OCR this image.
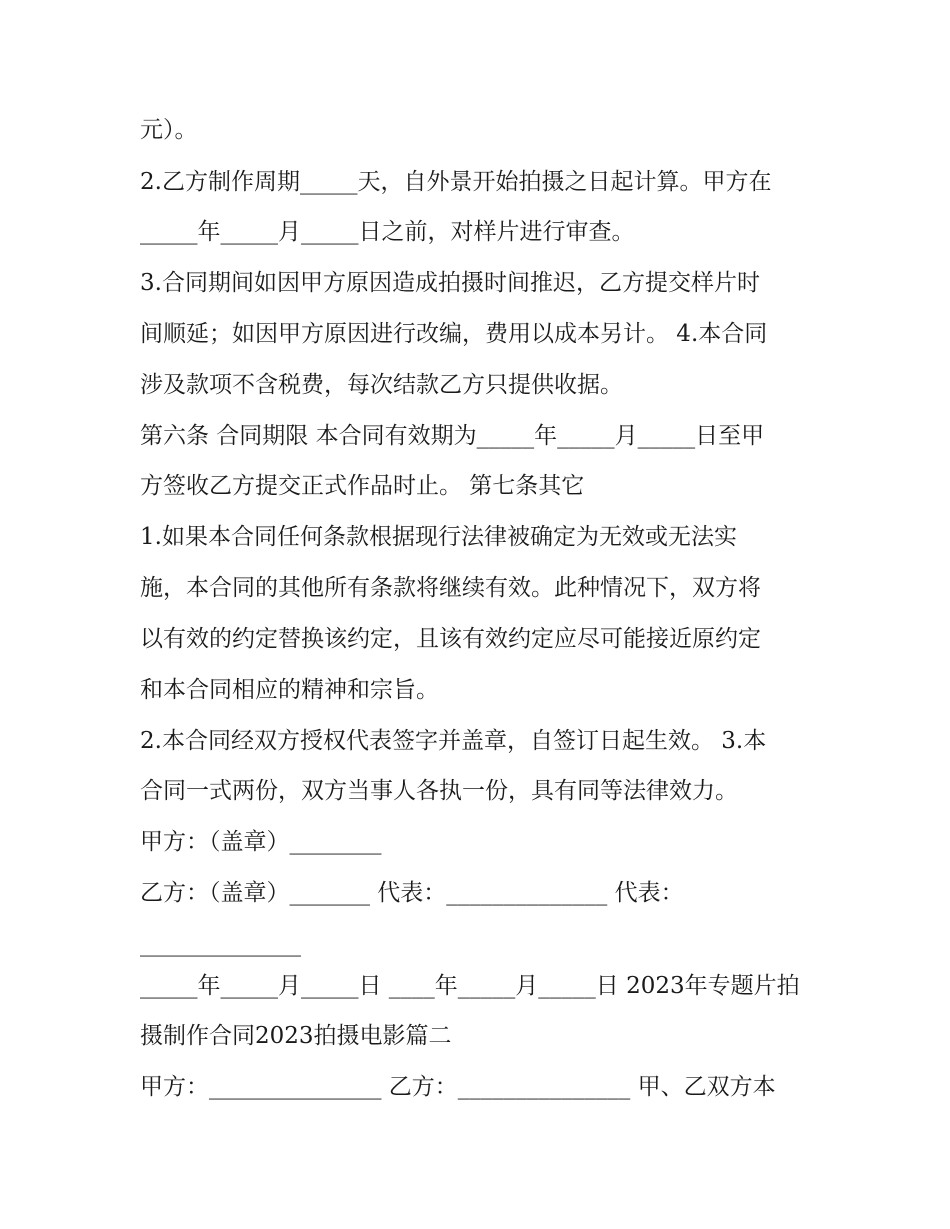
元）。
2.乙方制作周期_____天，自外景开始拍摄之日起计算。甲方在
_____年_____月_____日之前，对样片进行审查。
3.合同期间如因甲方原因造成拍摄时间推迟，乙方提交样片时
间顺延；如因甲方原因进行改编，费用以成本另计。 4.本合同
涉及款项不含税费，每次结款乙方只提供收据。
第六条 合同期限 本合同有效期为_____年_____月_____日至甲
方签收乙方提交正式作品时止。 第七条其它
1.如果本合同任何条款根据现行法律被确定为无效或无法实
施，本合同的其他所有条款将继续有效。此种情况下，双方将
以有效的约定替换该约定，且该有效约定应尽可能接近原约定
和本合同相应的精神和宗旨。
2.本合同经双方授权代表签字并盖章，自签订日起生效。 3.本
合同一式两份，双方当事人各执一份，具有同等法律效力。
甲方：（盖章）________
乙方：（盖章）_______ 代表：______________ 代表：
______________
_____年_____月_____日 ____年_____月_____日 2023年专题片拍
摄制作合同2023拍摄电影篇二
甲方：_______________ 乙方：_______________ 甲、乙双方本
